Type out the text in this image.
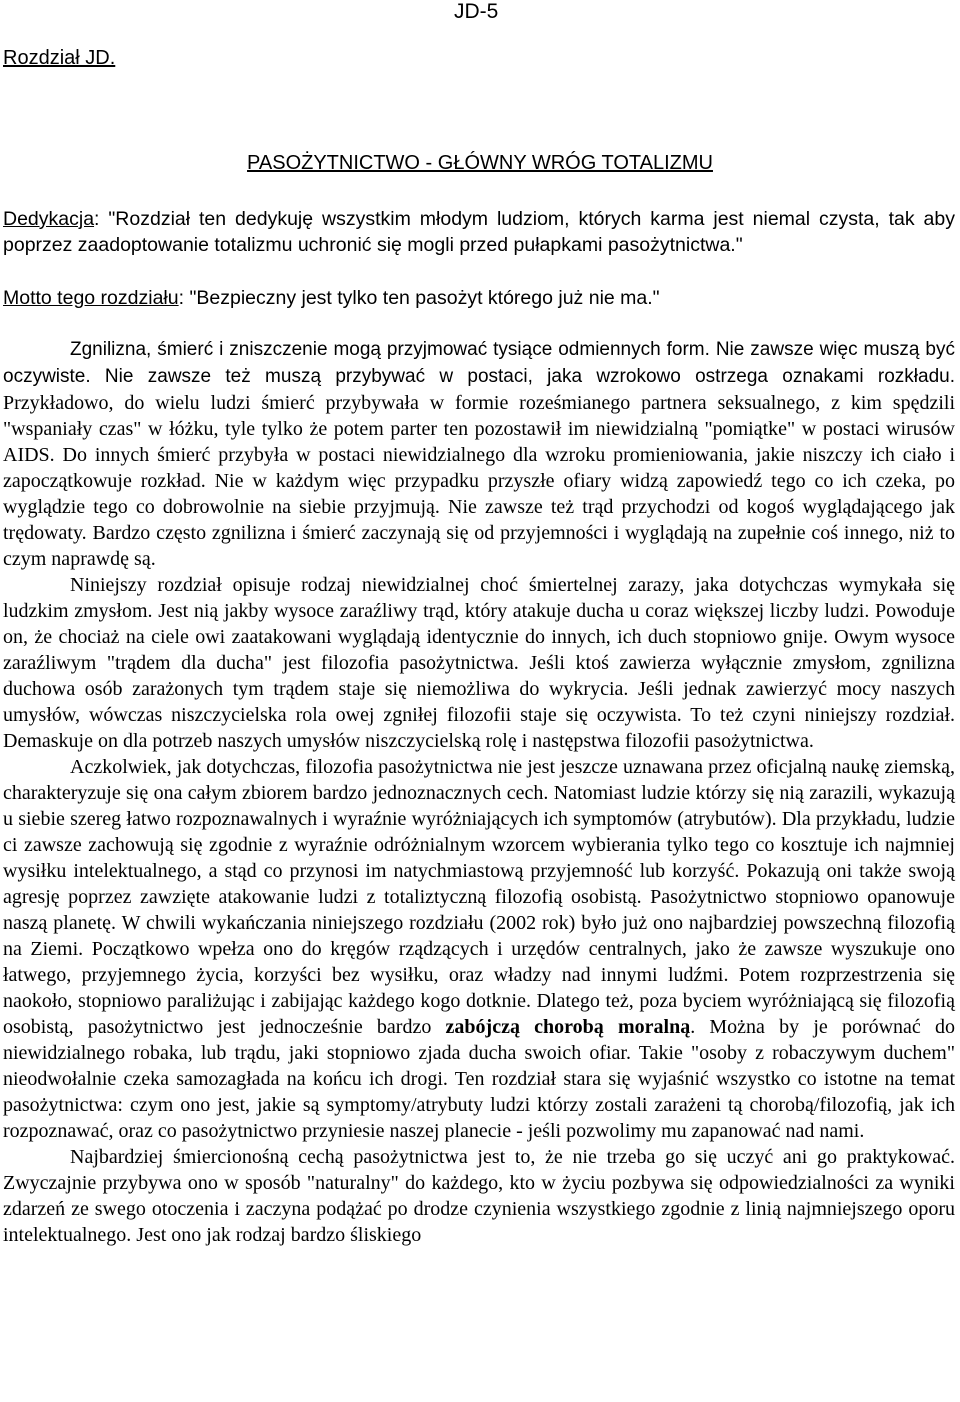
JD-5
Rozdział JD.
PASOŻYTNICTWO - GŁÓWNY WRÓG TOTALIZMU
Dedykacja: "Rozdział ten dedykuję wszystkim młodym ludziom, których karma jest niemal czysta, tak aby poprzez zaadoptowanie totalizmu uchronić się mogli przed pułapkami pasożytnictwa."
Motto tego rozdziału: "Bezpieczny jest tylko ten pasożyt którego już nie ma."

Zgnilizna, śmierć i zniszczenie mogą przyjmować tysiące odmiennych form. Nie zawsze więc muszą być oczywiste. Nie zawsze też muszą przybywać w postaci, jaka wzrokowo ostrzega oznakami rozkładu. Przykładowo, do wielu ludzi śmierć przybywała w formie roześmianego partnera seksualnego, z kim spędzili "wspaniały czas" w łóżku, tyle tylko że potem parter ten pozostawił im niewidzialną "pomiątke" w postaci wirusów AIDS. Do innych śmierć przybyła w postaci niewidzialnego dla wzroku promieniowania, jakie niszczy ich ciało i zapoczątkowuje rozkład. Nie w każdym więc przypadku przyszłe ofiary widzą zapowiedź tego co ich czeka, po wyglądzie tego co dobrowolnie na siebie przyjmują. Nie zawsze też trąd przychodzi od kogoś wyglądającego jak trędowaty. Bardzo często zgnilizna i śmierć zaczynają się od przyjemności i wyglądają na zupełnie coś innego, niż to czym naprawdę są.

Niniejszy rozdział opisuje rodzaj niewidzialnej choć śmiertelnej zarazy, jaka dotychczas wymykała się ludzkim zmysłom. Jest nią jakby wysoce zaraźliwy trąd, który atakuje ducha u coraz większej liczby ludzi. Powoduje on, że chociaż na ciele owi zaatakowani wyglądają identycznie do innych, ich duch stopniowo gnije. Owym wysoce zaraźliwym "trądem dla ducha" jest filozofia pasożytnictwa. Jeśli ktoś zawierza wyłącznie zmysłom, zgnilizna duchowa osób zarażonych tym trądem staje się niemożliwa do wykrycia. Jeśli jednak zawierzyć mocy naszych umysłów, wówczas niszczycielska rola owej zgniłej filozofii staje się oczywista. To też czyni niniejszy rozdział. Demaskuje on dla potrzeb naszych umysłów niszczycielską rolę i następstwa filozofii pasożytnictwa.

Aczkolwiek, jak dotychczas, filozofia pasożytnictwa nie jest jeszcze uznawana przez oficjalną naukę ziemską, charakteryzuje się ona całym zbiorem bardzo jednoznacznych cech. Natomiast ludzie którzy się nią zarazili, wykazują u siebie szereg łatwo rozpoznawalnych i wyraźnie wyróżniających ich symptomów (atrybutów). Dla przykładu, ludzie ci zawsze zachowują się zgodnie z wyraźnie odróżnialnym wzorcem wybierania tylko tego co kosztuje ich najmniej wysiłku intelektualnego, a stąd co przynosi im natychmiastową przyjemność lub korzyść. Pokazują oni także swoją agresję poprzez zawzięte atakowanie ludzi z totaliztyczną filozofią osobistą. Pasożytnictwo stopniowo opanowuje naszą planetę. W chwili wykańczania niniejszego rozdziału (2002 rok) było już ono najbardziej powszechną filozofią na Ziemi. Początkowo wpełza ono do kręgów rządzących i urzędów centralnych, jako że zawsze wyszukuje ono łatwego, przyjemnego życia, korzyści bez wysiłku, oraz władzy nad innymi ludźmi. Potem rozprzestrzenia się naokoło, stopniowo paraliżując i zabijając każdego kogo dotknie. Dlatego też, poza byciem wyróżniającą się filozofią osobistą, pasożytnictwo jest jednocześnie bardzo zabójczą chorobą moralną. Można by je porównać do niewidzialnego robaka, lub trądu, jaki stopniowo zjada ducha swoich ofiar. Takie "osoby z robaczywym duchem" nieodwołalnie czeka samozagłada na końcu ich drogi. Ten rozdział stara się wyjaśnić wszystko co istotne na temat pasożytnictwa: czym ono jest, jakie są symptomy/atrybuty ludzi którzy zostali zarażeni tą chorobą/filozofią, jak ich rozpoznawać, oraz co pasożytnictwo przyniesie naszej planecie - jeśli pozwolimy mu zapanować nad nami.

Najbardziej śmiercionośną cechą pasożytnictwa jest to, że nie trzeba go się uczyć ani go praktykować. Zwyczajnie przybywa ono w sposób "naturalny" do każdego, kto w życiu pozbywa się odpowiedzialności za wyniki zdarzeń ze swego otoczenia i zaczyna podążać po drodze czynienia wszystkiego zgodnie z linią najmniejszego oporu intelektualnego. Jest ono jak rodzaj bardzo śliskiego
